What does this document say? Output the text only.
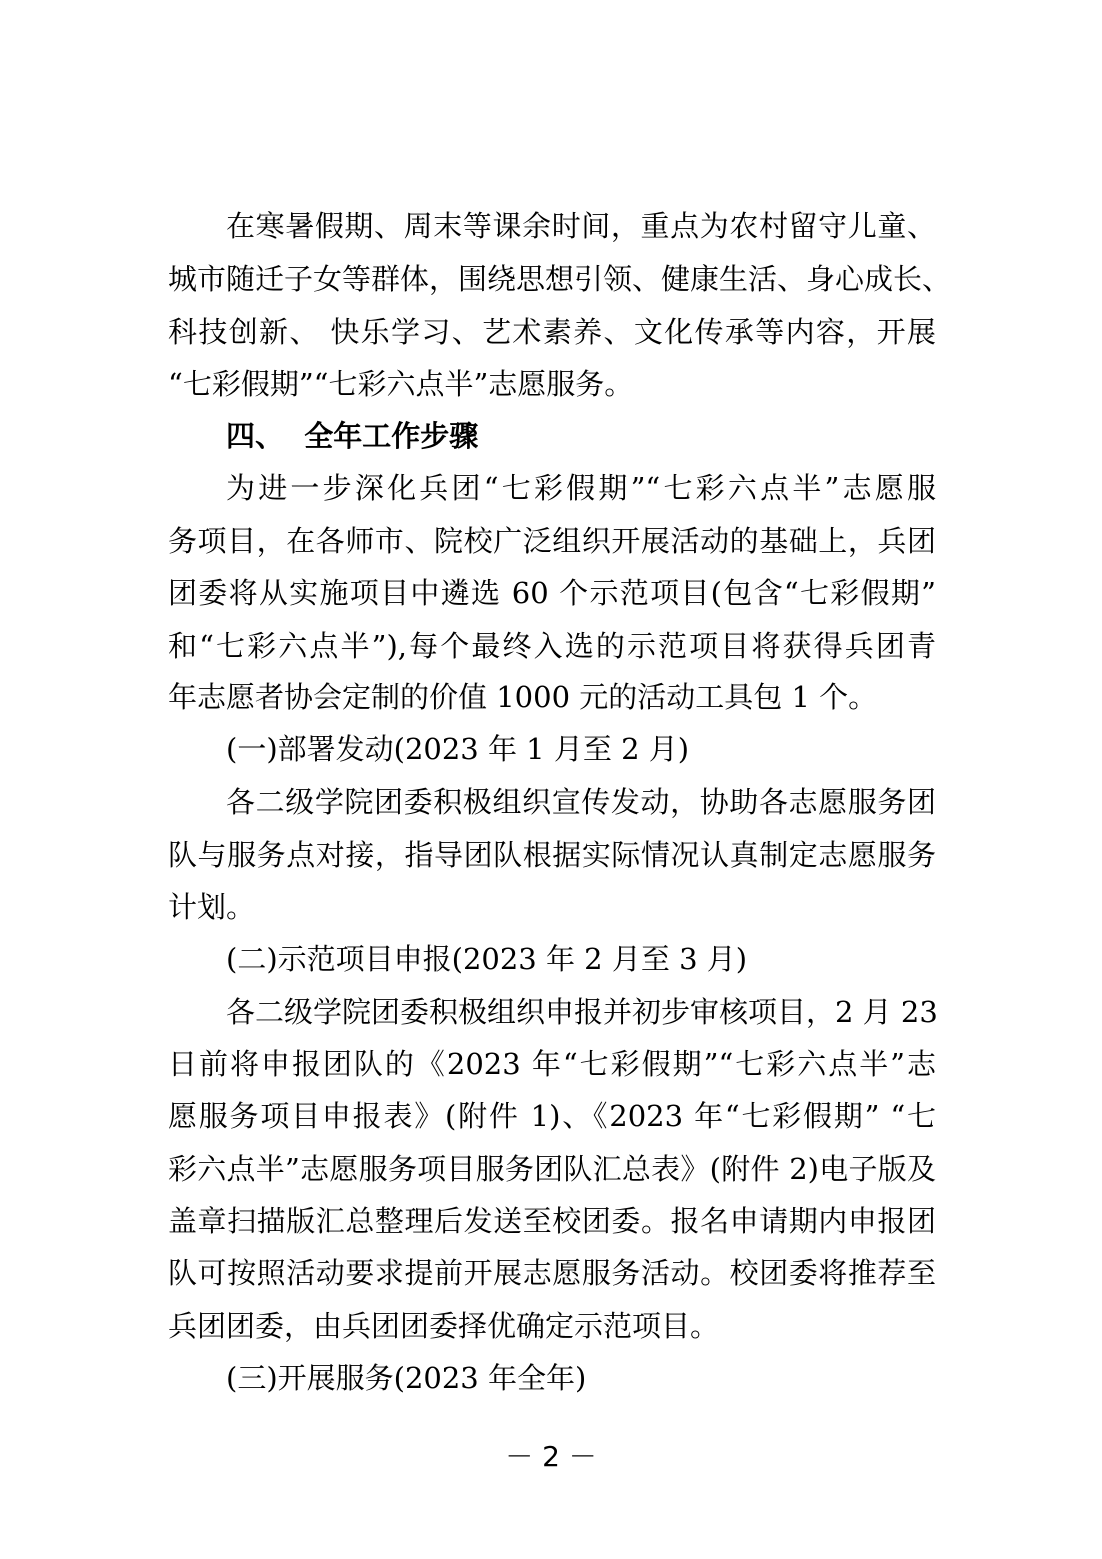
在寒暑假期、周末等课余时间，重点为农村留守儿童、
城市随迁子女等群体，围绕思想引领、健康生活、身心成长、
科技创新、 快乐学习、艺术素养、文化传承等内容，开展
“七彩假期”“七彩六点半”志愿服务。
四、  全年工作步骤
为进一步深化兵团“七彩假期”“七彩六点半”志愿服
务项目，在各师市、院校广泛组织开展活动的基础上，兵团
团委将从实施项目中遴选 60 个示范项目(包含“七彩假期”
和“七彩六点半”),每个最终入选的示范项目将获得兵团青
年志愿者协会定制的价值 1000 元的活动工具包 1 个。
(一)部署发动(2023 年 1 月至 2 月)
各二级学院团委积极组织宣传发动，协助各志愿服务团
队与服务点对接，指导团队根据实际情况认真制定志愿服务
计划。
(二)示范项目申报(2023 年 2 月至 3 月)
各二级学院团委积极组织申报并初步审核项目，2 月 23
日前将申报团队的《2023 年“七彩假期”“七彩六点半”志
愿服务项目申报表》(附件 1)、《2023 年“七彩假期” “七
彩六点半”志愿服务项目服务团队汇总表》(附件 2)电子版及
盖章扫描版汇总整理后发送至校团委。报名申请期内申报团
队可按照活动要求提前开展志愿服务活动。校团委将推荐至
兵团团委，由兵团团委择优确定示范项目。
(三)开展服务(2023 年全年)
－ 2 －
